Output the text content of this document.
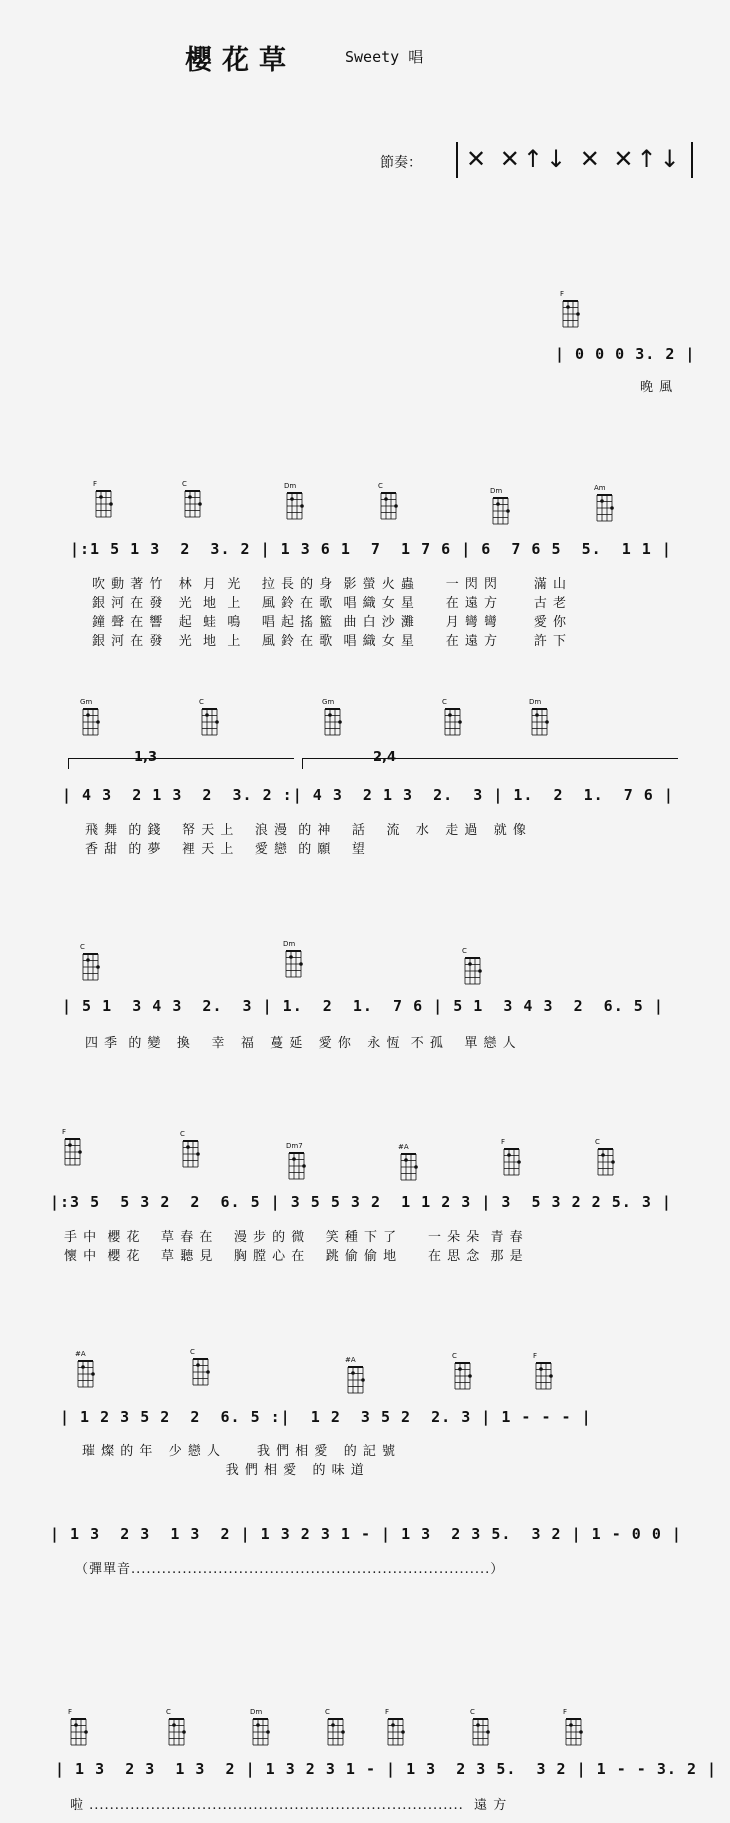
櫻花草	Sweety 唱
節奏：	✕ ✕↑↓ ✕ ✕↑↓
F
| 0 0 0 3. 2 |
晚 風
F	C	Dm	C
Dm	Am
|:1 5 1 3  2  3. 2 | 1 3 6 1  7  1 7 6 | 6  7 6 5  5.  1 1 |
吹 動 著 竹   林  月  光    拉 長 的 身  影 螢 火 蟲      一 閃 閃       滿 山
銀 河 在 發   光  地  上    風 鈴 在 歌  唱 織 女 星      在 遠 方       古 老
鐘 聲 在 響   起  蛙  鳴    唱 起 搖 籃  曲 白 沙 灘      月 彎 彎       愛 你
銀 河 在 發   光  地  上    風 鈴 在 歌  唱 織 女 星      在 遠 方       許 下
Gm	C	Gm	C	Dm
1,3	2,4
| 4 3  2 1 3  2  3. 2 :| 4 3  2 1 3  2.  3 | 1.  2  1.  7 6 |
飛 舞  的 錢    帑 天 上    浪 漫  的 神    話    流   水   走 過   就 像
香 甜  的 夢    裡 天 上    愛 戀  的 願    望
C	Dm
C
| 5 1  3 4 3  2.  3 | 1.  2  1.  7 6 | 5 1  3 4 3  2  6. 5 |
四 季  的 變   換    幸   福   蔓 延   愛 你   永 恆  不 孤    單 戀 人
F	C
Dm7	#A
F	C
|:3 5  5 3 2  2  6. 5 | 3 5 5 3 2  1 1 2 3 | 3  5 3 2 2 5. 3 |
手 中  櫻 花    草 春 在    漫 步 的 微    笑 種 下 了      一 朵 朵  青 春
懷 中  櫻 花    草 聽 見    胸 膛 心 在    跳 偷 偷 地      在 思 念  那 是
#A	C
#A	C	F
| 1 2 3 5 2  2  6. 5 :|  1 2  3 5 2  2. 3 | 1 - - - |
璀 燦 的 年   少 戀 人       我 們 相 愛   的 記 號
我 們 相 愛   的 味 道
| 1 3  2 3  1 3  2 | 1 3 2 3 1 - | 1 3  2 3 5.  3 2 | 1 - 0 0 |
（彈單音......................................................................）
F	C	Dm	C	F	C	F
| 1 3  2 3  1 3  2 | 1 3 2 3 1 - | 1 3  2 3 5.  3 2 | 1 - - 3. 2 |
啦 .........................................................................  遠 方
